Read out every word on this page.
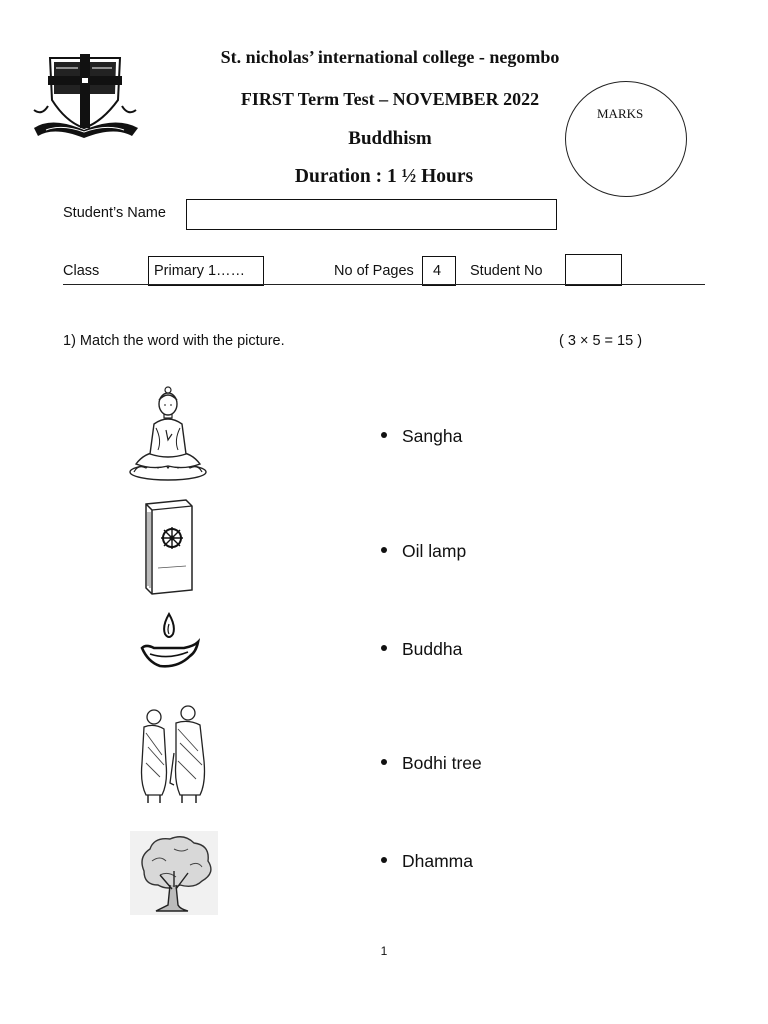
St. nicholas’ international college - negombo
FIRST Term Test – NOVEMBER 2022
Buddhism
Duration : 1 ½ Hours
MARKS
Student’s Name
Class	Primary 1……	No of Pages	4	Student No
1) Match the word with the picture.	( 3 × 5 = 15 )
Sangha
Oil lamp
Buddha
Bodhi tree
Dhamma
1
